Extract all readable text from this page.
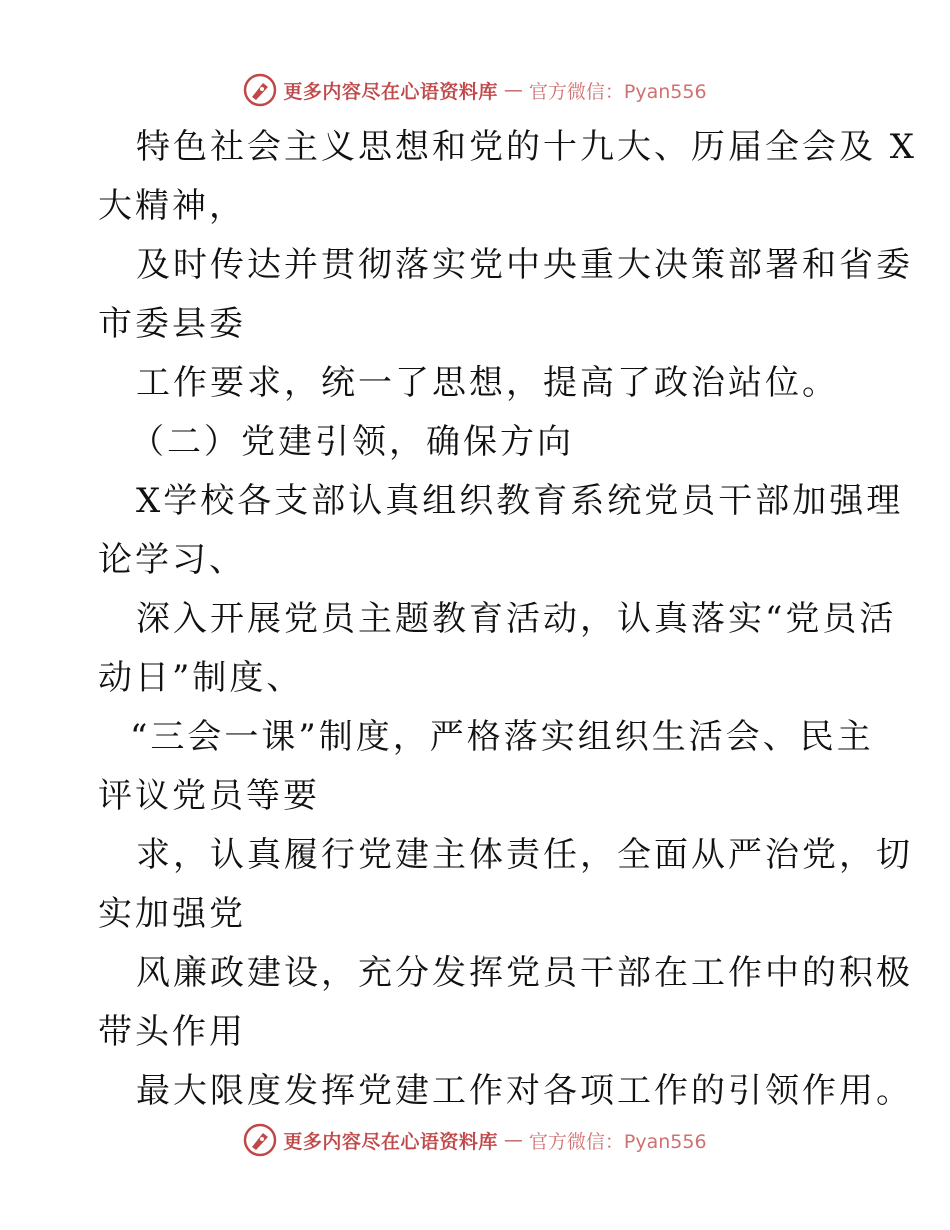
更多内容尽在心语资料库 — 官方微信：Pyan556
特色社会主义思想和党的十九大、历届全会及 X
大精神，
及时传达并贯彻落实党中央重大决策部署和省委
市委县委
工作要求，统一了思想，提高了政治站位。
（二）党建引领，确保方向
X学校各支部认真组织教育系统党员干部加强理
论学习、
深入开展党员主题教育活动，认真落实“党员活
动日”制度、
“三会一课”制度，严格落实组织生活会、民主
评议党员等要
求，认真履行党建主体责任，全面从严治党，切
实加强党
风廉政建设，充分发挥党员干部在工作中的积极
带头作用
最大限度发挥党建工作对各项工作的引领作用。
更多内容尽在心语资料库 — 官方微信：Pyan556
